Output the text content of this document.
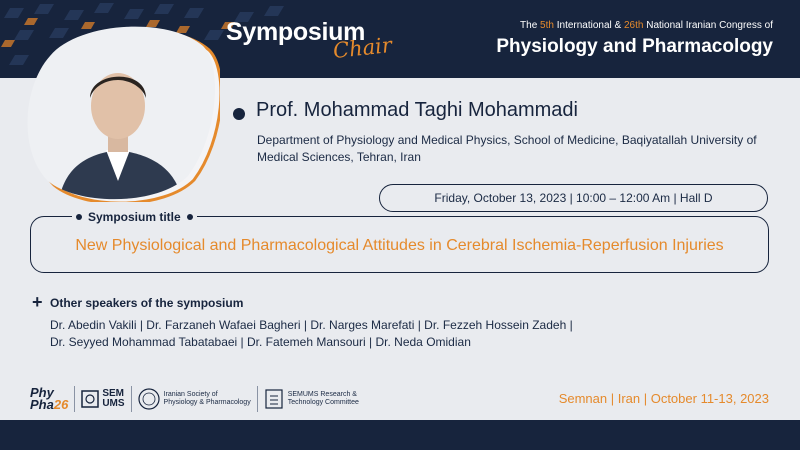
Symposium
Chair
The 5th International & 26th National Iranian Congress of
Physiology and Pharmacology
Prof. Mohammad Taghi Mohammadi
Department of Physiology and Medical Physics, School of Medicine, Baqiyatallah University of Medical Sciences, Tehran, Iran
Friday, October 13, 2023 | 10:00 – 12:00 Am | Hall D
Symposium title
New Physiological and Pharmacological Attitudes in Cerebral Ischemia-Reperfusion Injuries
+ Other speakers of the symposium
Dr. Abedin Vakili | Dr. Farzaneh Wafaei Bagheri | Dr. Narges Marefati | Dr. Fezzeh Hossein Zadeh |
Dr. Seyyed Mohammad Tabatabaei | Dr. Fatemeh Mansouri | Dr. Neda Omidian
Phy
Pha26
SEM
UMS
Iranian Society of
Physiology & Pharmacology
SEMUMS Research &
Technology Committee	Semnan | Iran | October 11-13, 2023
